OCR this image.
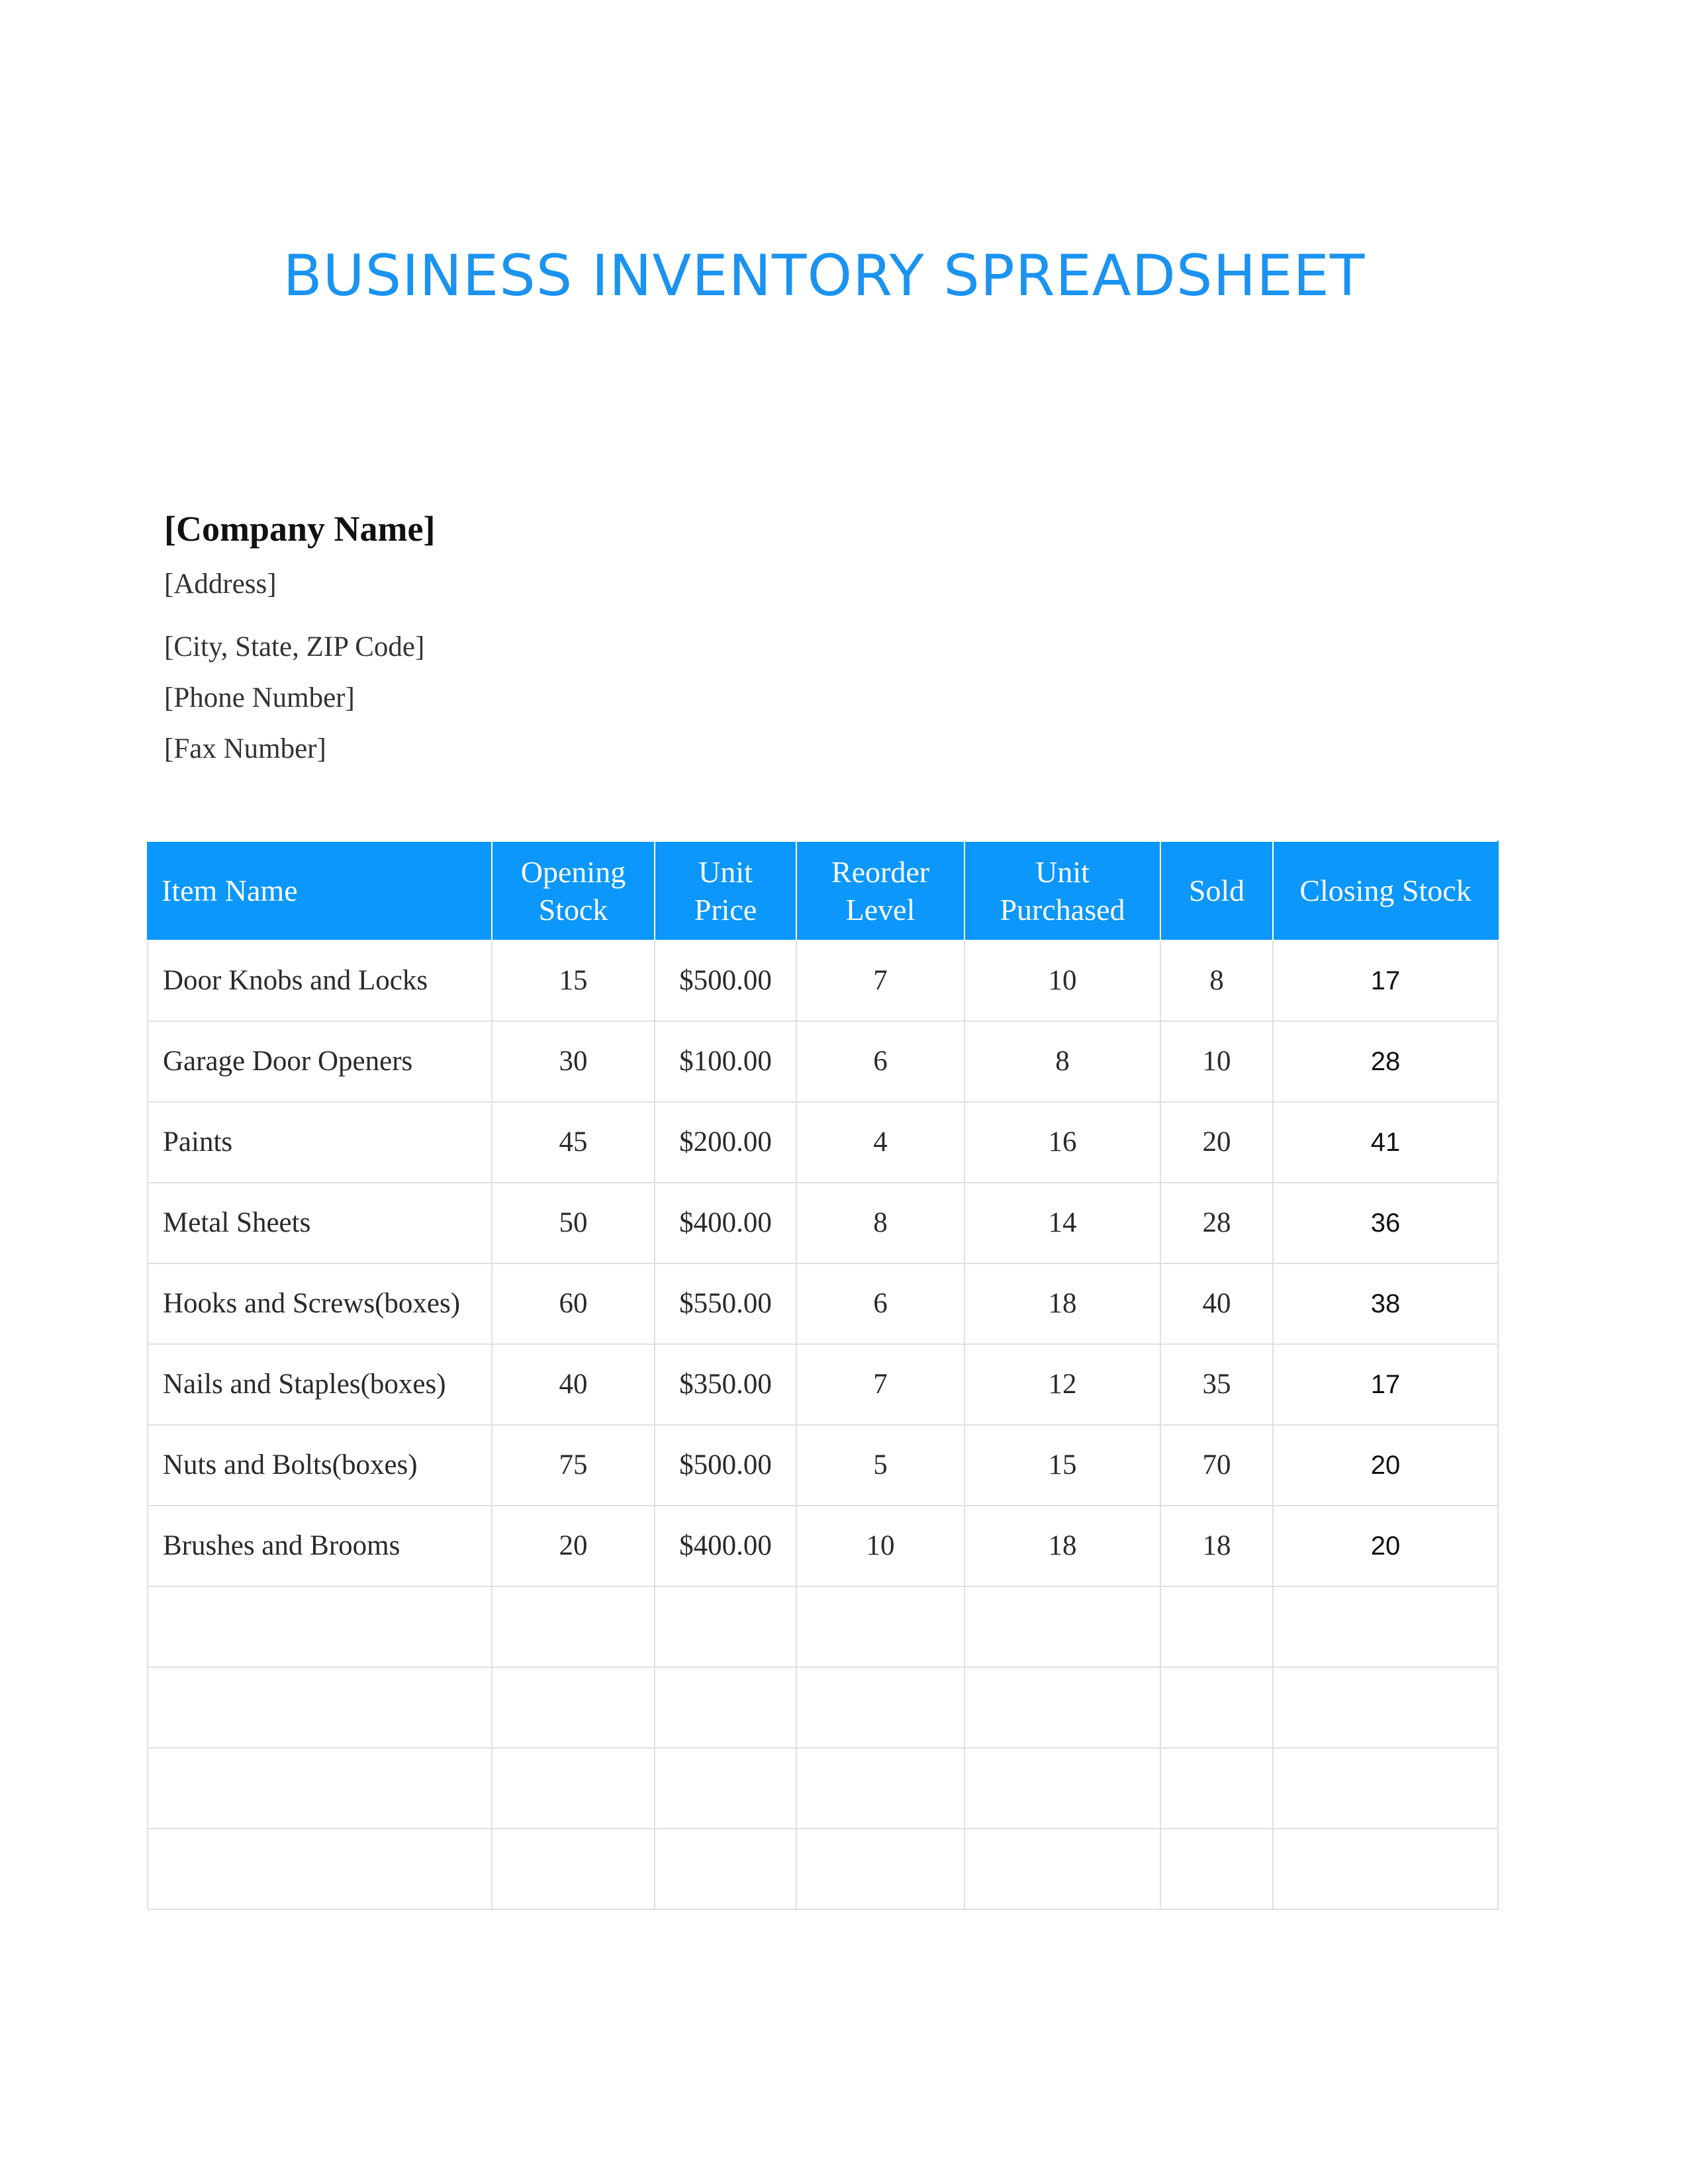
BUSINESS INVENTORY SPREADSHEET
[Company Name]
[Address]
[City, State, ZIP Code]
[Phone Number]
[Fax Number]
Item Name	Opening Stock	Unit Price	Reorder Level	Unit Purchased	Sold	Closing Stock
Door Knobs and Locks	15	$500.00	7	10	8	17
Garage Door Openers	30	$100.00	6	8	10	28
Paints	45	$200.00	4	16	20	41
Metal Sheets	50	$400.00	8	14	28	36
Hooks and Screws(boxes)	60	$550.00	6	18	40	38
Nails and Staples(boxes)	40	$350.00	7	12	35	17
Nuts and Bolts(boxes)	75	$500.00	5	15	70	20
Brushes and Brooms	20	$400.00	10	18	18	20
